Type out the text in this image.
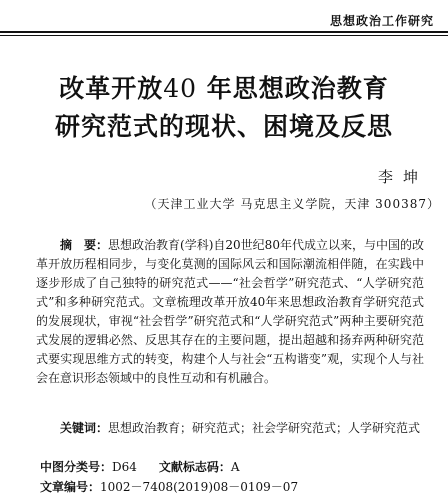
思想政治工作研究
改革开放40 年思想政治教育
研究范式的现状、困境及反思
李坤
（天津工业大学 马克思主义学院，天津 300387）
摘　要：思想政治教育(学科)自20世纪80年代成立以来，与中国的改革开放历程相同步，与变化莫测的国际风云和国际潮流相伴随，在实践中逐步形成了自己独特的研究范式——“社会哲学”研究范式、“人学研究范式”和多种研究范式。文章梳理改革开放40年来思想政治教育学研究范式的发展现状，审视“社会哲学”研究范式和“人学研究范式”两种主要研究范式发展的逻辑必然、反思其存在的主要问题，提出超越和扬弃两种研究范式要实现思维方式的转变，构建个人与社会“五构谐变”观，实现个人与社会在意识形态领域中的良性互动和有机融合。
关键词：思想政治教育；研究范式；社会学研究范式；人学研究范式
中图分类号：D64 文献标志码：A
文章编号：1002－7408(2019)08－0109－07
